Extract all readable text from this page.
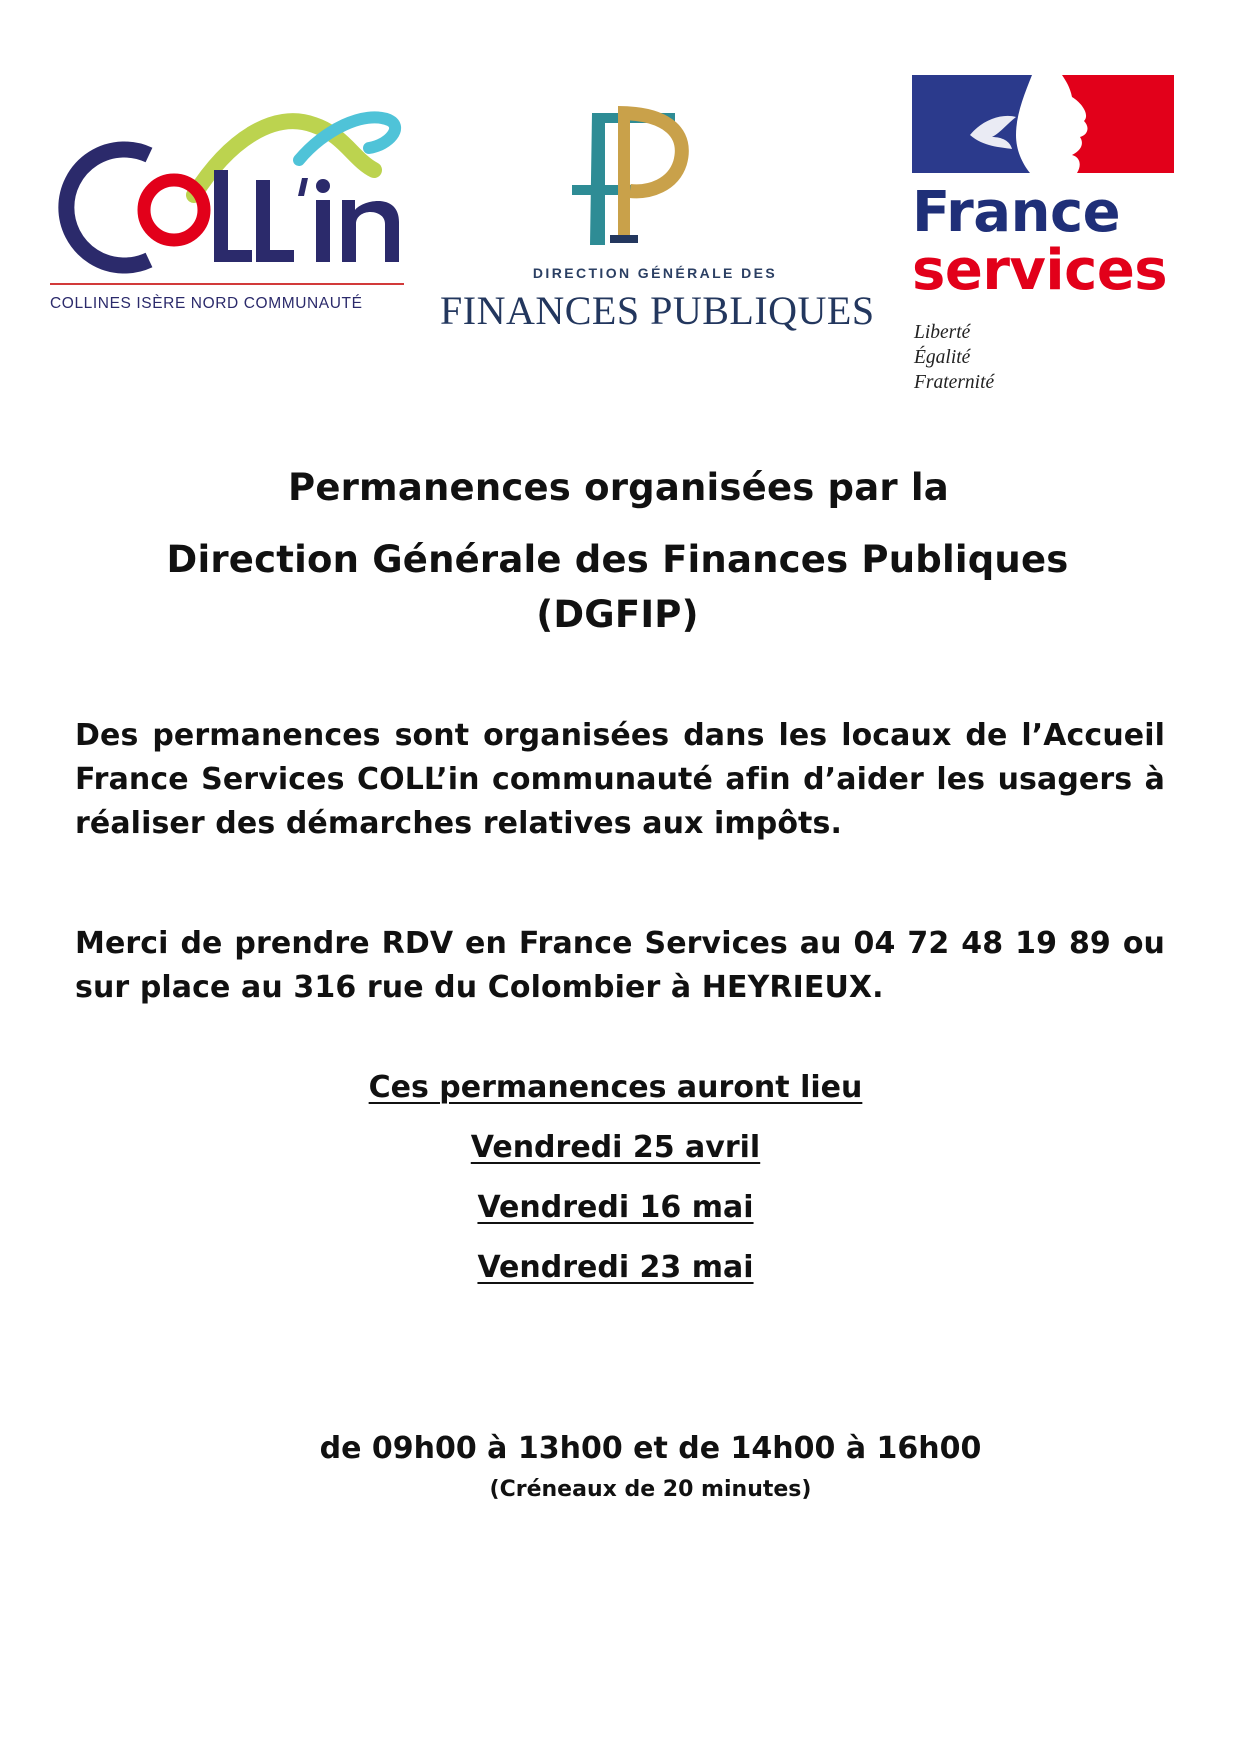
COLLINES ISÈRE NORD COMMUNAUTÉ
DIRECTION GÉNÉRALE DES
FINANCES PUBLIQUES
France
services
Liberté
Égalité
Fraternité
Permanences organisées par la
Direction Générale des Finances Publiques
(DGFIP)
Des permanences sont organisées dans les locaux de l’Accueil France Services COLL’in communauté afin d’aider les usagers à réaliser des démarches relatives aux impôts.
Merci de prendre RDV en France Services au 04 72 48 19 89 ou sur place au 316 rue du Colombier à HEYRIEUX.
Ces permanences auront lieu
Vendredi 25 avril
Vendredi 16 mai
Vendredi 23 mai
de 09h00 à 13h00 et de 14h00 à 16h00
(Créneaux de 20 minutes)
